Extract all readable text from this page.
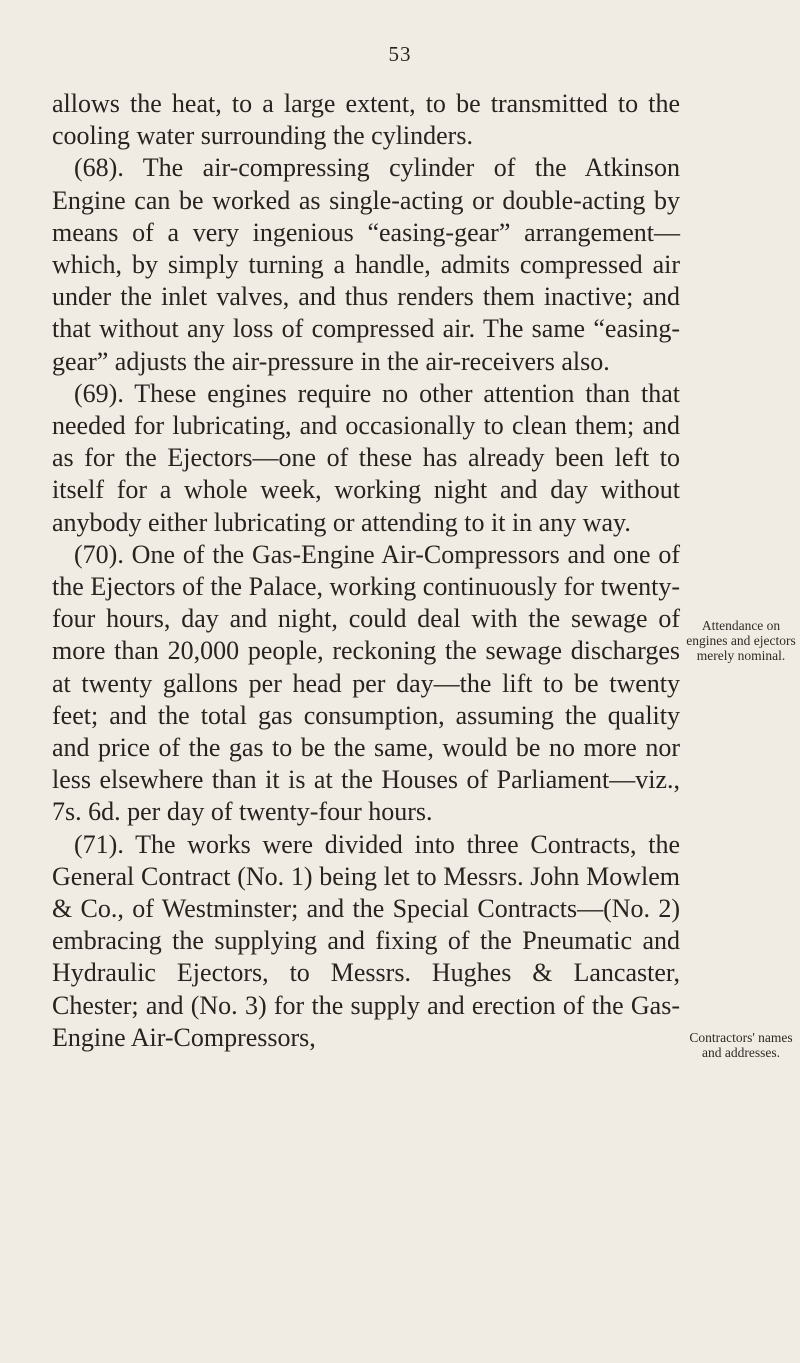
53

allows the heat, to a large extent, to be transmitted to the cooling water surrounding the cylinders.

(68). The air-compressing cylinder of the Atkinson Engine can be worked as single-acting or double-acting by means of a very ingenious “easing-gear” arrangement—which, by simply turning a handle, admits compressed air under the inlet valves, and thus renders them inactive; and that without any loss of compressed air. The same “easing-gear” adjusts the air-pressure in the air-receivers also.

(69). These engines require no other attention than that needed for lubricating, and occasionally to clean them; and as for the Ejectors—one of these has already been left to itself for a whole week, working night and day without anybody either lubricating or attending to it in any way.

(70). One of the Gas-Engine Air-Compressors and one of the Ejectors of the Palace, working continuously for twenty-four hours, day and night, could deal with the sewage of more than 20,000 people, reckoning the sewage discharges at twenty gallons per head per day—the lift to be twenty feet; and the total gas consumption, assuming the quality and price of the gas to be the same, would be no more nor less elsewhere than it is at the Houses of Parliament—viz., 7s. 6d. per day of twenty-four hours.

(71). The works were divided into three Contracts, the General Contract (No. 1) being let to Messrs. John Mowlem & Co., of Westminster; and the Special Contracts—(No. 2) embracing the supplying and fixing of the Pneumatic and Hydraulic Ejectors, to Messrs. Hughes & Lancaster, Chester; and (No. 3) for the supply and erection of the Gas-Engine Air-Compressors,

Attendance on engines and ejectors merely nominal.
Contractors' names and addresses.
